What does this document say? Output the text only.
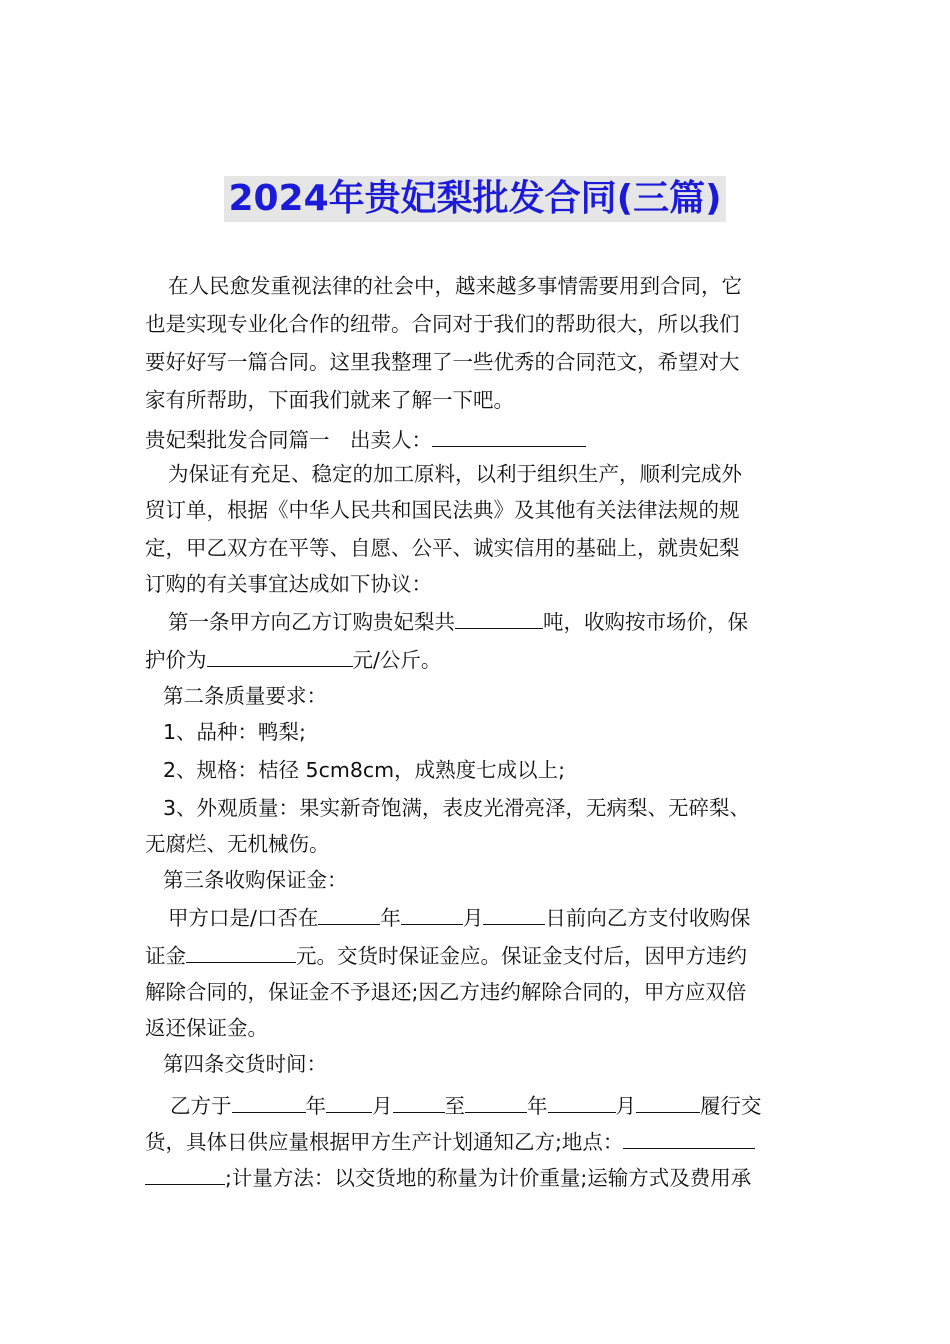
2024年贵妃梨批发合同(三篇)
在人民愈发重视法律的社会中，越来越多事情需要用到合同，它
也是实现专业化合作的纽带。合同对于我们的帮助很大，所以我们
要好好写一篇合同。这里我整理了一些优秀的合同范文，希望对大
家有所帮助，下面我们就来了解一下吧。
贵妃梨批发合同篇一　出卖人：
为保证有充足、稳定的加工原料，以利于组织生产，顺利完成外
贸订单，根据《中华人民共和国民法典》及其他有关法律法规的规
定，甲乙双方在平等、自愿、公平、诚实信用的基础上，就贵妃梨
订购的有关事宜达成如下协议：
第一条甲方向乙方订购贵妃梨共	吨，收购按市场价，保
护价为	元/公斤。
第二条质量要求：
1、品种：鸭梨;
2、规格：桔径 5cm8cm，成熟度七成以上;
3、外观质量：果实新奇饱满，表皮光滑亮泽，无病梨、无碎梨、
无腐烂、无机械伤。
第三条收购保证金：
甲方口是/口否在	年	月	日前向乙方支付收购保
证金	元。交货时保证金应。保证金支付后，因甲方违约
解除合同的，保证金不予退还;因乙方违约解除合同的，甲方应双倍
返还保证金。
第四条交货时间：
乙方于	年 月	至	年	月	履行交
货，具体日供应量根据甲方生产计划通知乙方;地点：
;计量方法：以交货地的称量为计价重量;运输方式及费用承
